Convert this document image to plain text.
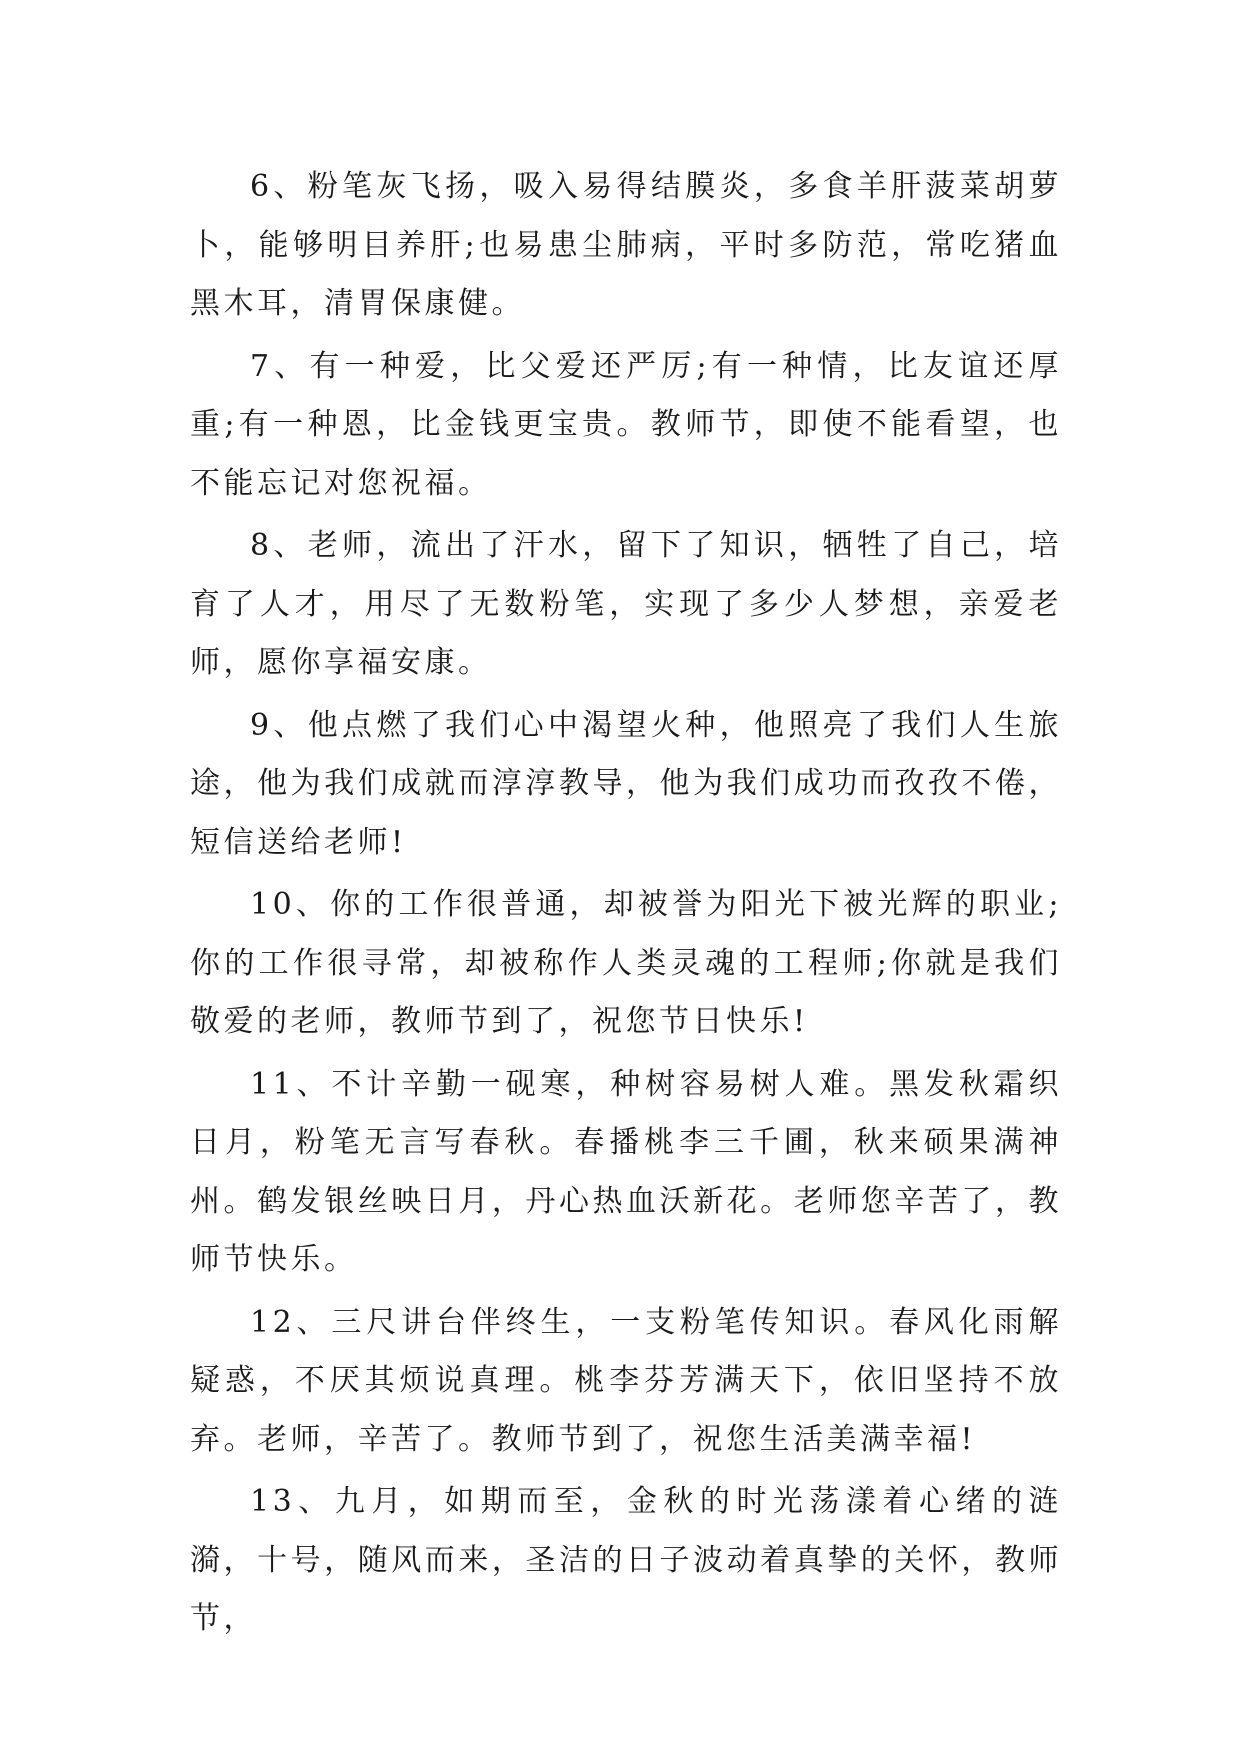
6、粉笔灰飞扬，吸入易得结膜炎，多食羊肝菠菜胡萝卜，能够明目养肝;也易患尘肺病，平时多防范，常吃猪血黑木耳，清胃保康健。

7、有一种爱，比父爱还严厉;有一种情，比友谊还厚重;有一种恩，比金钱更宝贵。教师节，即使不能看望，也不能忘记对您祝福。

8、老师，流出了汗水，留下了知识，牺牲了自己，培育了人才，用尽了无数粉笔，实现了多少人梦想，亲爱老师，愿你享福安康。

9、他点燃了我们心中渴望火种，他照亮了我们人生旅途，他为我们成就而淳淳教导，他为我们成功而孜孜不倦，短信送给老师!

10、你的工作很普通，却被誉为阳光下被光辉的职业;你的工作很寻常，却被称作人类灵魂的工程师;你就是我们敬爱的老师，教师节到了，祝您节日快乐!

11、不计辛勤一砚寒，种树容易树人难。黑发秋霜织日月，粉笔无言写春秋。春播桃李三千圃，秋来硕果满神州。鹤发银丝映日月，丹心热血沃新花。老师您辛苦了，教师节快乐。

12、三尺讲台伴终生，一支粉笔传知识。春风化雨解疑惑，不厌其烦说真理。桃李芬芳满天下，依旧坚持不放弃。老师，辛苦了。教师节到了，祝您生活美满幸福!

13、九月，如期而至，金秋的时光荡漾着心绪的涟漪，十号，随风而来，圣洁的日子波动着真挚的关怀，教师节，
